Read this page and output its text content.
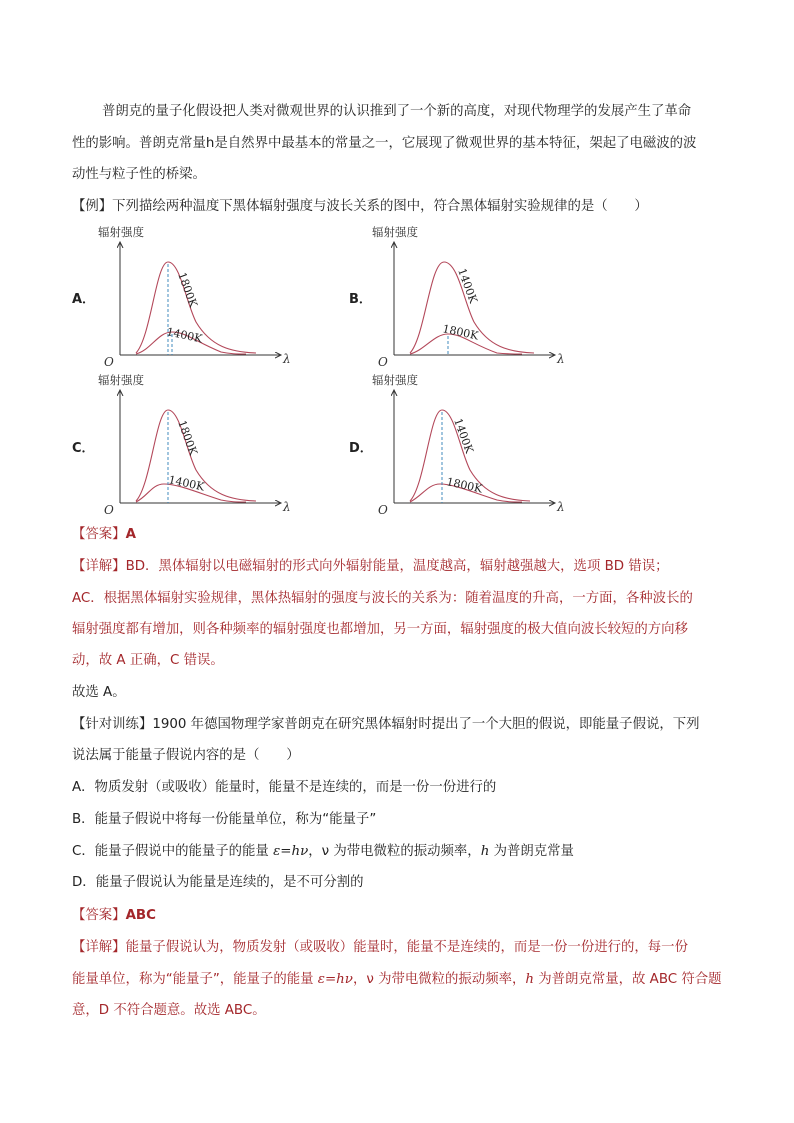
普朗克的量子化假设把人类对微观世界的认识推到了一个新的高度，对现代物理学的发展产生了革命

性的影响。普朗克常量h是自然界中最基本的常量之一，它展现了微观世界的基本特征，架起了电磁波的波

动性与粒子性的桥梁。

【例】下列描绘两种温度下黑体辐射强度与波长关系的图中，符合黑体辐射实验规律的是（　　）

A．	B．
C．	D．
辐射强度
O	λ
1800K
1400K
辐射强度
O	λ
1400K
1800K
辐射强度
O	λ
1800K
1400K
辐射强度
O	λ
1400K
1800K

【答案】A

【详解】BD．黑体辐射以电磁辐射的形式向外辐射能量，温度越高，辐射越强越大，选项 BD 错误；

AC．根据黑体辐射实验规律，黑体热辐射的强度与波长的关系为：随着温度的升高，一方面，各种波长的

辐射强度都有增加，则各种频率的辐射强度也都增加，另一方面，辐射强度的极大值向波长较短的方向移

动，故 A 正确，C 错误。

故选 A。

【针对训练】1900 年德国物理学家普朗克在研究黑体辐射时提出了一个大胆的假说，即能量子假说，下列

说法属于能量子假说内容的是（　　）

A．物质发射（或吸收）能量时，能量不是连续的，而是一份一份进行的

B．能量子假说中将每一份能量单位，称为“能量子”

C．能量子假说中的能量子的能量 ε=hν，ν 为带电微粒的振动频率，h 为普朗克常量

D．能量子假说认为能量是连续的，是不可分割的

【答案】ABC

【详解】能量子假说认为，物质发射（或吸收）能量时，能量不是连续的，而是一份一份进行的，每一份

能量单位，称为“能量子”，能量子的能量 ε=hν，ν 为带电微粒的振动频率，h 为普朗克常量，故 ABC 符合题

意，D 不符合题意。故选 ABC。
